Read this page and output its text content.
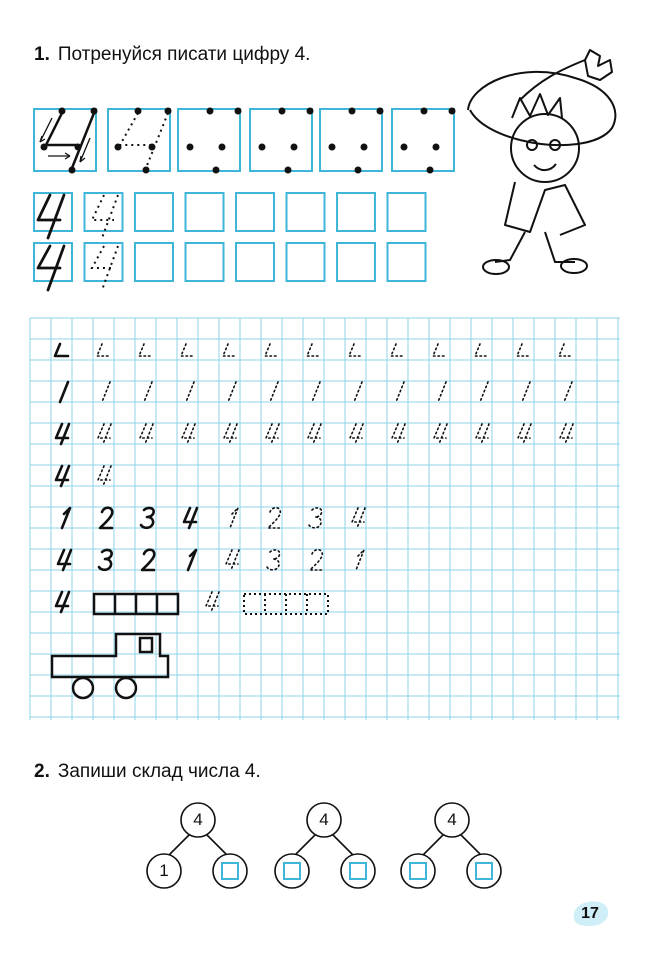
1. Потренуйся писати цифру 4.
2. Запиши склад числа 4.
4
1
4	4
17
